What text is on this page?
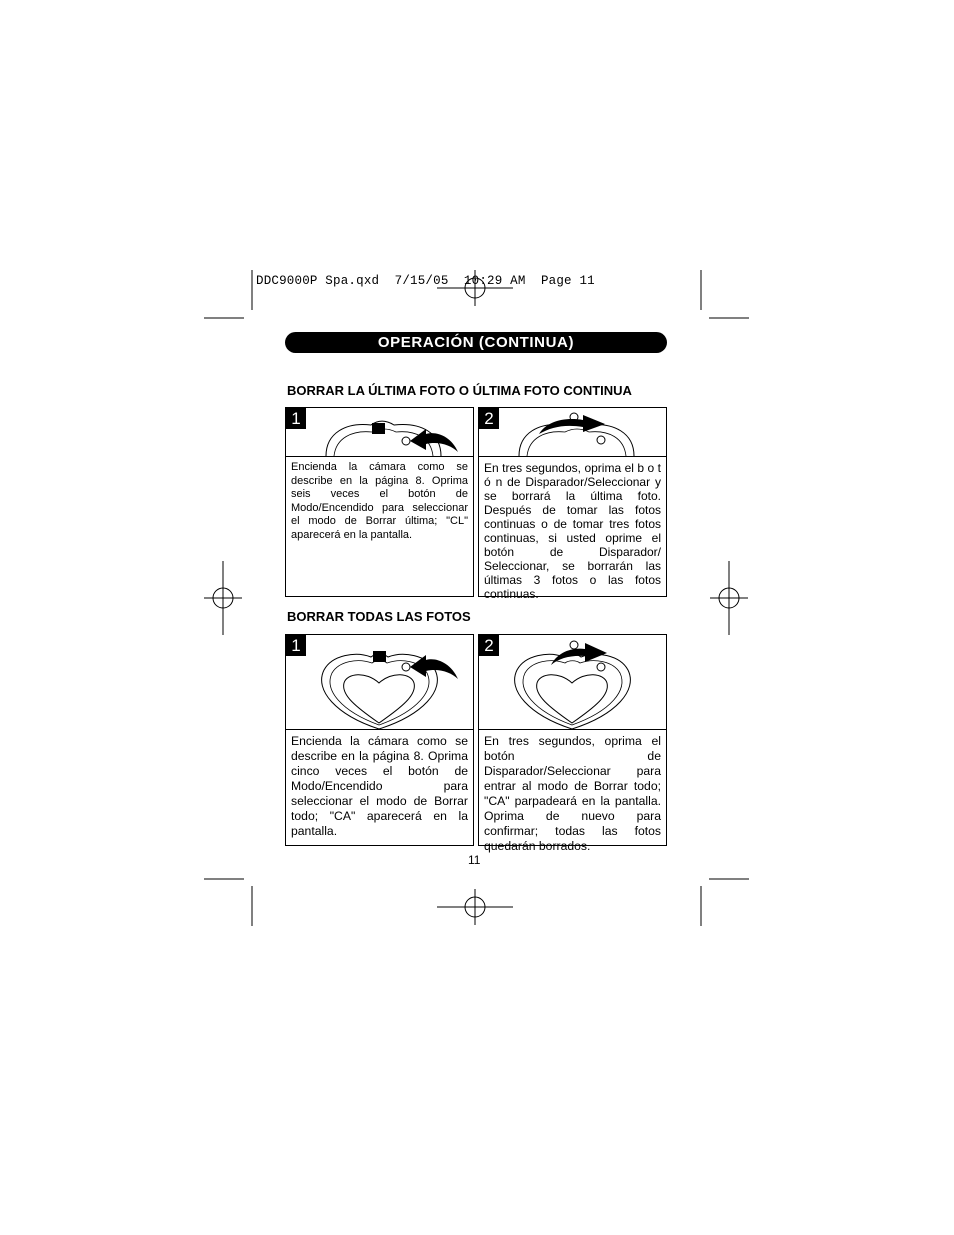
DDC9000P Spa.qxd  7/15/05  10:29 AM  Page 11
OPERACIÓN (CONTINUA)
BORRAR LA ÚLTIMA FOTO O ÚLTIMA FOTO CONTINUA
1
Encienda la cámara como se describe en la página 8. Oprima seis veces el botón de Modo/Encendido para seleccionar el modo de Borrar última; "CL" aparecerá en la pantalla.
2
En tres segundos, oprima el b o t ó n de Disparador/Seleccionar y se borrará la última foto. Después de tomar las fotos continuas o de tomar tres fotos continuas, si usted oprime el botón de Disparador/ Seleccionar, se borrarán las últimas 3 fotos o las fotos continuas.
BORRAR TODAS LAS FOTOS
1
Encienda la cámara como se describe en la página 8. Oprima cinco veces el botón de Modo/Encendido para seleccionar el modo de Borrar todo; "CA" aparecerá en la pantalla.
2
En tres segundos, oprima el botón de Disparador/Seleccionar para entrar al modo de Borrar todo; "CA" parpadeará en la pantalla. Oprima de nuevo para confirmar; todas las fotos quedarán borrados.
11
